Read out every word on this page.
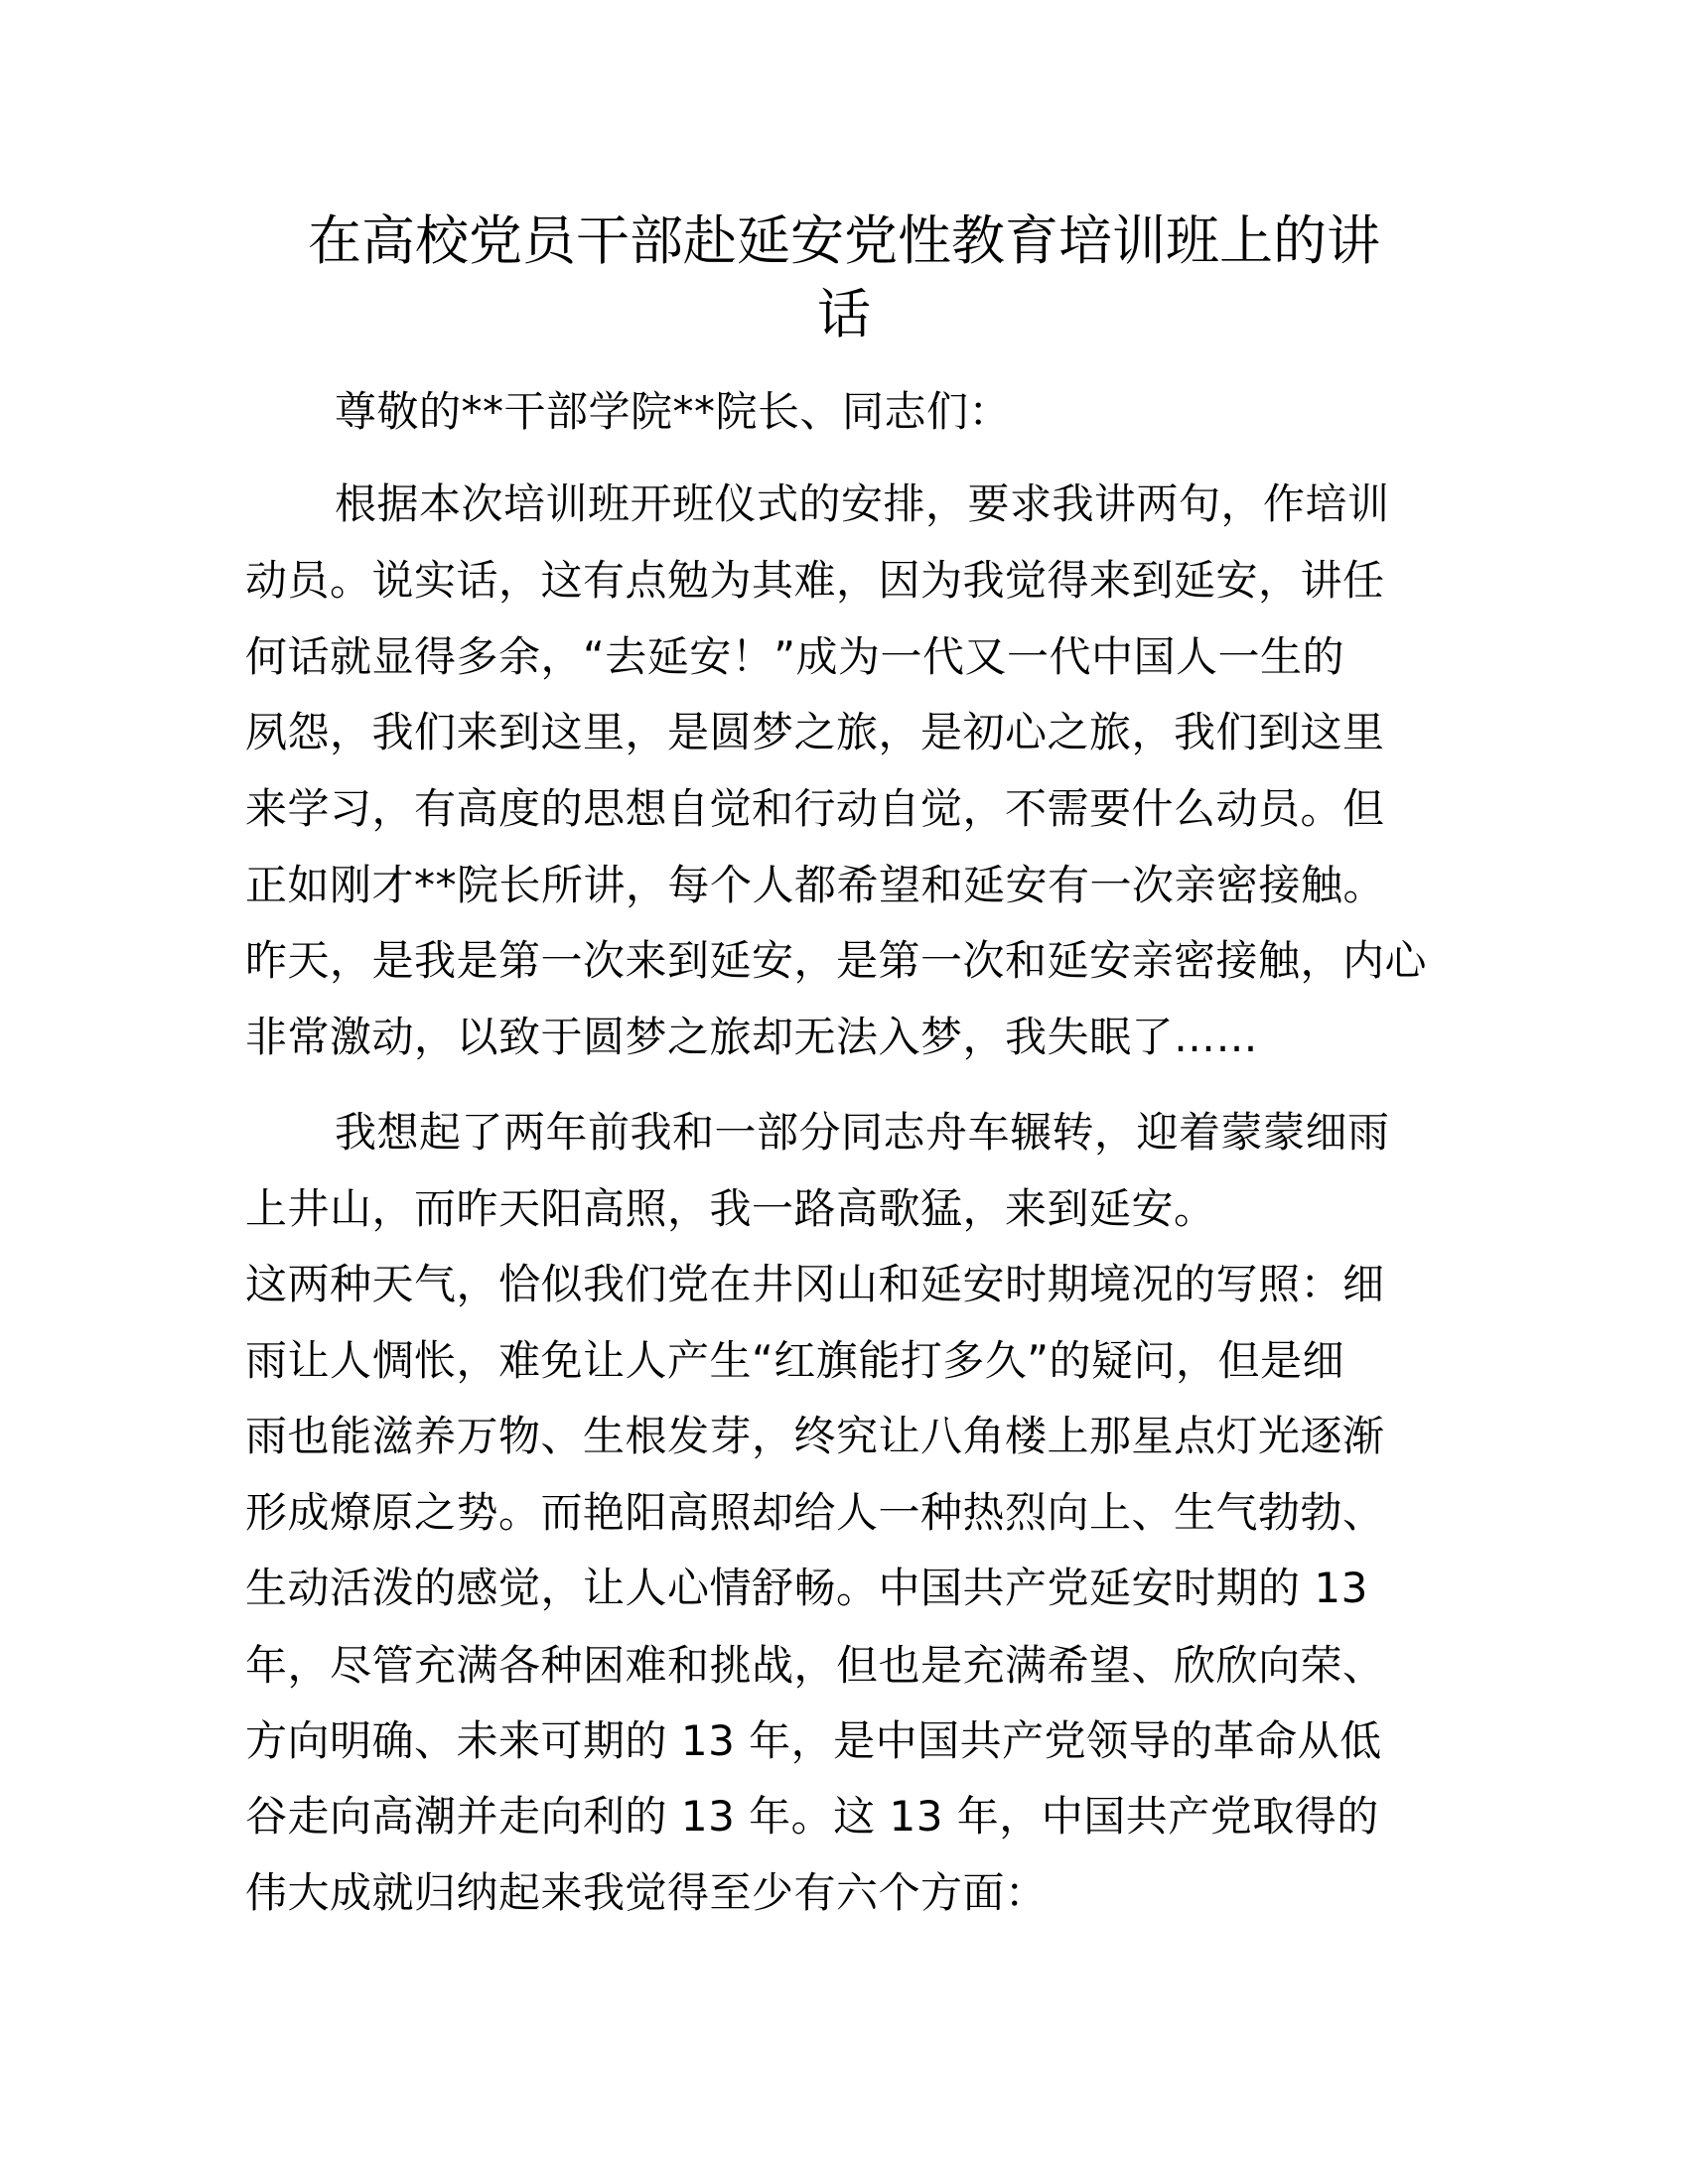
在高校党员干部赴延安党性教育培训班上的讲
话
尊敬的**干部学院**院长、同志们：
根据本次培训班开班仪式的安排，要求我讲两句，作培训
动员。说实话，这有点勉为其难，因为我觉得来到延安，讲任
何话就显得多余，“去延安！”成为一代又一代中国人一生的
夙怨，我们来到这里，是圆梦之旅，是初心之旅，我们到这里
来学习，有高度的思想自觉和行动自觉，不需要什么动员。但
正如刚才**院长所讲，每个人都希望和延安有一次亲密接触。
昨天，是我是第一次来到延安，是第一次和延安亲密接触，内心
非常激动，以致于圆梦之旅却无法入梦，我失眠了……
我想起了两年前我和一部分同志舟车辗转，迎着蒙蒙细雨
上井山，而昨天阳高照，我一路高歌猛，来到延安。
这两种天气，恰似我们党在井冈山和延安时期境况的写照：细
雨让人惆怅，难免让人产生“红旗能打多久”的疑问，但是细
雨也能滋养万物、生根发芽，终究让八角楼上那星点灯光逐渐
形成燎原之势。而艳阳高照却给人一种热烈向上、生气勃勃、
生动活泼的感觉，让人心情舒畅。中国共产党延安时期的 13
年，尽管充满各种困难和挑战，但也是充满希望、欣欣向荣、
方向明确、未来可期的 13 年，是中国共产党领导的革命从低
谷走向高潮并走向利的 13 年。这 13 年，中国共产党取得的
伟大成就归纳起来我觉得至少有六个方面：
